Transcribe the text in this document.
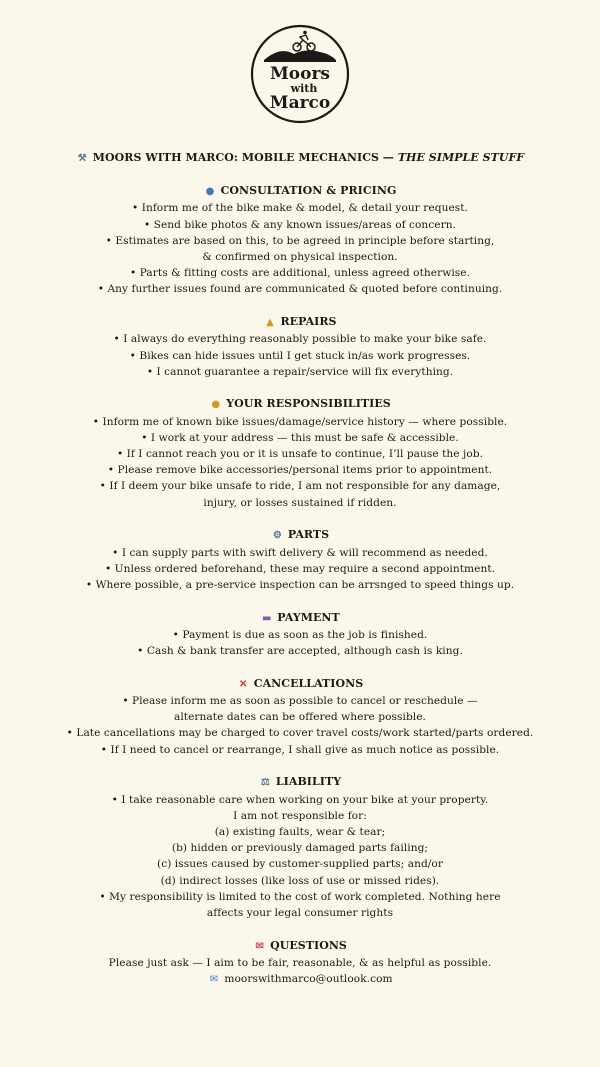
Moors
with
Marco
⚒ MOORS WITH MARCO: MOBILE MECHANICS — THE SIMPLE STUFF
● CONSULTATION & PRICING
• Inform me of the bike make & model, & detail your request.
• Send bike photos & any known issues/areas of concern.
• Estimates are based on this, to be agreed in principle before starting,
& confirmed on physical inspection.
• Parts & fitting costs are additional, unless agreed otherwise.
• Any further issues found are communicated & quoted before continuing.
▲ REPAIRS
• I always do everything reasonably possible to make your bike safe.
• Bikes can hide issues until I get stuck in/as work progresses.
• I cannot guarantee a repair/service will fix everything.
● YOUR RESPONSIBILITIES
• Inform me of known bike issues/damage/service history — where possible.
• I work at your address — this must be safe & accessible.
• If I cannot reach you or it is unsafe to continue, I’ll pause the job.
• Please remove bike accessories/personal items prior to appointment.
• If I deem your bike unsafe to ride, I am not responsible for any damage,
injury, or losses sustained if ridden.
⚙ PARTS
• I can supply parts with swift delivery & will recommend as needed.
• Unless ordered beforehand, these may require a second appointment.
• Where possible, a pre-service inspection can be arrsnged to speed things up.
▬ PAYMENT
• Payment is due as soon as the job is finished.
• Cash & bank transfer are accepted, although cash is king.
✕ CANCELLATIONS
• Please inform me as soon as possible to cancel or reschedule —
alternate dates can be offered where possible.
• Late cancellations may be charged to cover travel costs/work started/parts ordered.
• If I need to cancel or rearrange, I shall give as much notice as possible.
⚖ LIABILITY
• I take reasonable care when working on your bike at your property.
I am not responsible for:
(a) existing faults, wear & tear;
(b) hidden or previously damaged parts failing;
(c) issues caused by customer-supplied parts; and/or
(d) indirect losses (like loss of use or missed rides).
• My responsibility is limited to the cost of work completed. Nothing here
affects your legal consumer rights
✉ QUESTIONS
Please just ask — I aim to be fair, reasonable, & as helpful as possible.
✉ moorswithmarco@outlook.com
